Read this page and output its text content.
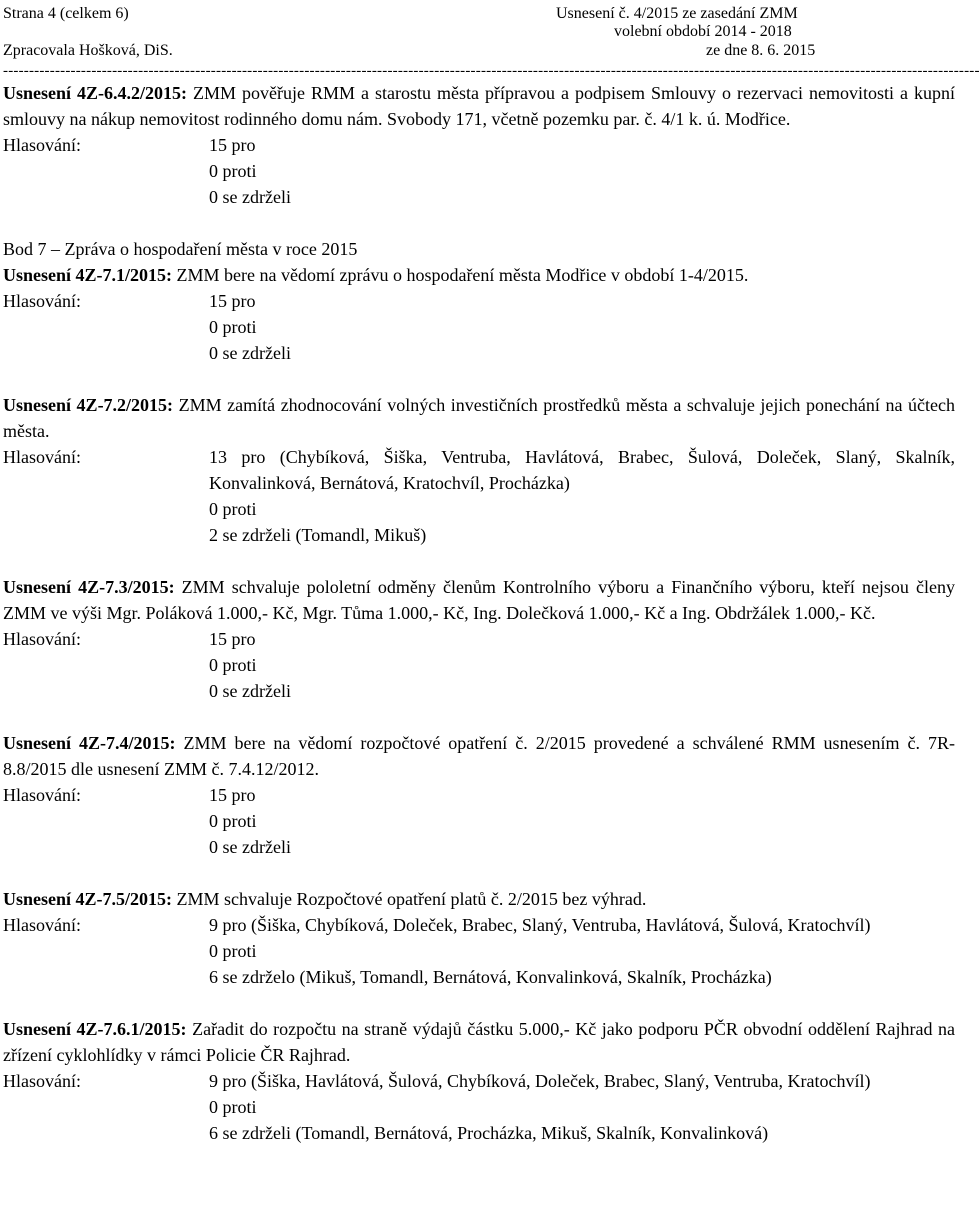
Strana 4 (celkem 6)
Zpracovala Hošková, DiS.
Usnesení č. 4/2015 ze zasedání ZMM
volební období 2014 - 2018
ze dne 8. 6. 2015
--------------------------------------------------------------------------------------------------------------------------------------------------------------------------------------------

Usnesení 4Z-6.4.2/2015: ZMM pověřuje RMM a starostu města přípravou a podpisem Smlouvy o rezervaci nemovitosti a kupní smlouvy na nákup nemovitost rodinného domu nám. Svobody 171, včetně pozemku par. č. 4/1 k. ú. Modřice.

Hlasování:	15 pro

0 proti

0 se zdrželi

Bod 7 – Zpráva o hospodaření města v roce 2015

Usnesení 4Z-7.1/2015: ZMM bere na vědomí zprávu o hospodaření města Modřice v období 1-4/2015.

Hlasování:	15 pro

0 proti

0 se zdrželi

Usnesení 4Z-7.2/2015: ZMM zamítá zhodnocování volných investičních prostředků města a schvaluje jejich ponechání na účtech města.

Hlasování:	13 pro (Chybíková, Šiška, Ventruba, Havlátová, Brabec, Šulová, Doleček, Slaný, Skalník, Konvalinková, Bernátová, Kratochvíl, Procházka)

0 proti

2 se zdrželi (Tomandl, Mikuš)

Usnesení 4Z-7.3/2015: ZMM schvaluje pololetní odměny členům Kontrolního výboru a Finančního výboru, kteří nejsou členy ZMM ve výši Mgr. Poláková 1.000,- Kč, Mgr. Tůma 1.000,- Kč, Ing. Dolečková 1.000,- Kč a Ing. Obdržálek 1.000,- Kč.

Hlasování:	15 pro

0 proti

0 se zdrželi

Usnesení 4Z-7.4/2015: ZMM bere na vědomí rozpočtové opatření č. 2/2015 provedené a schválené RMM usnesením č. 7R-8.8/2015 dle usnesení ZMM č. 7.4.12/2012.

Hlasování:	15 pro

0 proti

0 se zdrželi

Usnesení 4Z-7.5/2015: ZMM schvaluje Rozpočtové opatření platů č. 2/2015 bez výhrad.

Hlasování:	9 pro (Šiška, Chybíková, Doleček, Brabec, Slaný, Ventruba, Havlátová, Šulová, Kratochvíl)

0 proti

6 se zdrželo (Mikuš, Tomandl, Bernátová, Konvalinková, Skalník, Procházka)

Usnesení 4Z-7.6.1/2015: Zařadit do rozpočtu na straně výdajů částku 5.000,- Kč jako podporu PČR obvodní oddělení Rajhrad na zřízení cyklohlídky v rámci Policie ČR Rajhrad.

Hlasování:	9 pro (Šiška, Havlátová, Šulová, Chybíková, Doleček, Brabec, Slaný, Ventruba, Kratochvíl)

0 proti

6 se zdrželi (Tomandl, Bernátová, Procházka, Mikuš, Skalník, Konvalinková)
